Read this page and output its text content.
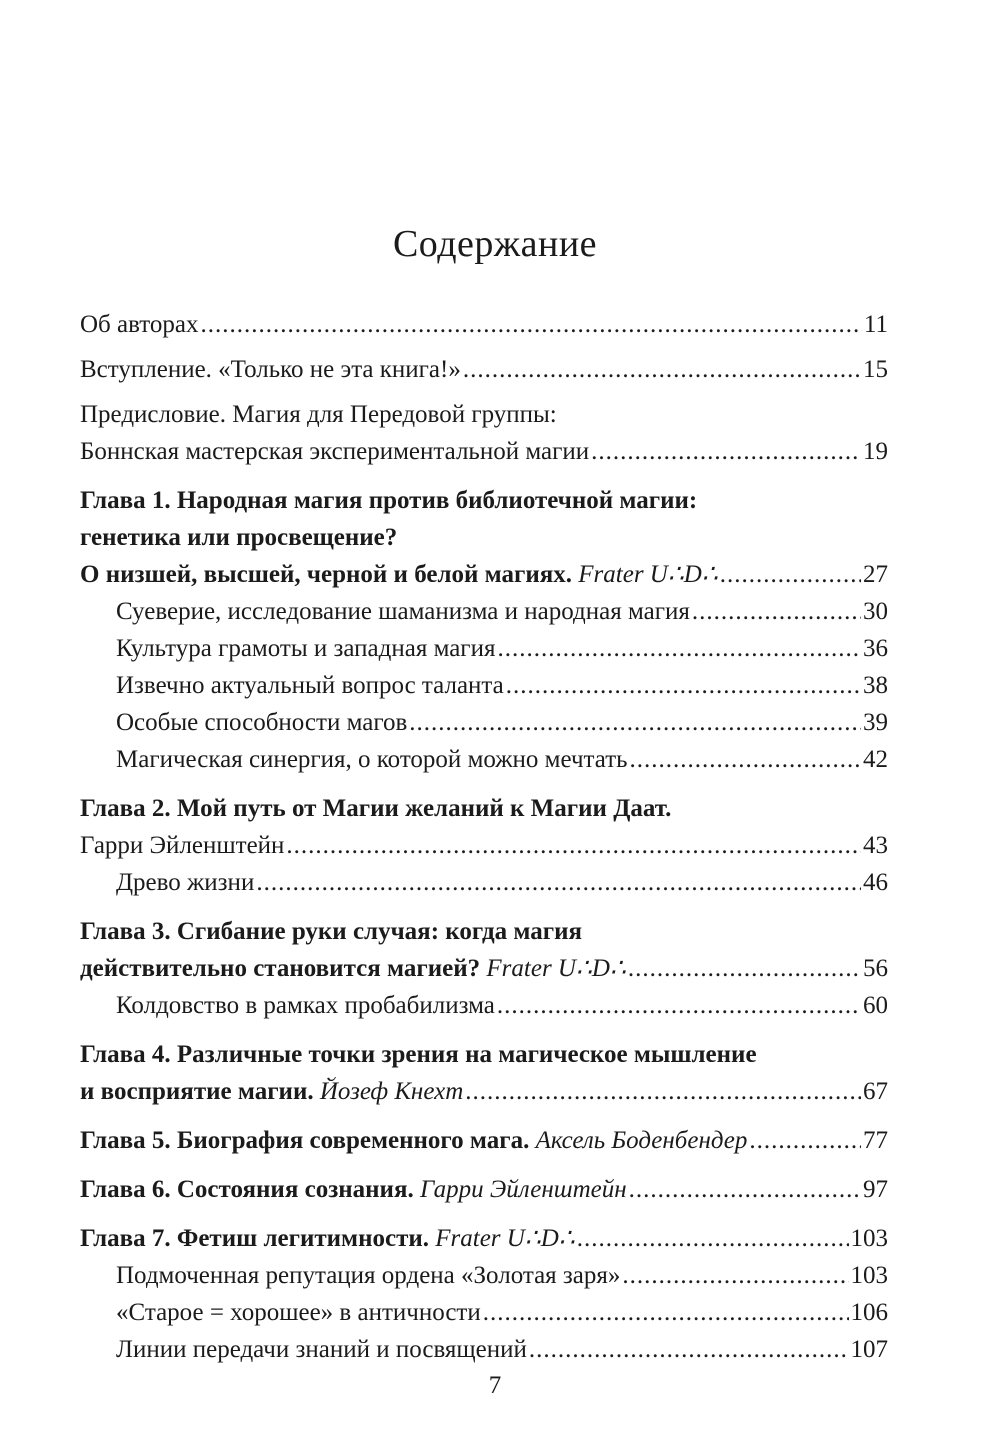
Содержание
Об авторах .....	11
Вступление. «Только не эта книга!» .....	15
Предисловие. Магия для Передовой группы:
Боннская мастерская экспериментальной магии .....	19
Глава 1. Народная магия против библиотечной магии:
генетика или просвещение?
О низшей, высшей, черной и белой магиях. Frater U∴D∴ .....	27
Суеверие, исследование шаманизма и народная магия .....	30
Культура грамоты и западная магия .....	36
Извечно актуальный вопрос таланта .....	38
Особые способности магов .....	39
Магическая синергия, о которой можно мечтать .....	42
Глава 2. Мой путь от Магии желаний к Магии Даат.
Гарри Эйленштейн .....	43
Древо жизни .....	46
Глава 3. Сгибание руки случая: когда магия
действительно становится магией? Frater U∴D∴ .....	56
Колдовство в рамках пробабилизма .....	60
Глава 4. Различные точки зрения на магическое мышление
и восприятие магии. Йозеф Кнехт .....	67
Глава 5. Биография современного мага. Аксель Боденбендер .....	77
Глава 6. Состояния сознания. Гарри Эйленштейн .....	97
Глава 7. Фетиш легитимности. Frater U∴D∴ .....	103
Подмоченная репутация ордена «Золотая заря» .....	103
«Старое = хорошее» в античности .....	106
Линии передачи знаний и посвящений .....	107
7
